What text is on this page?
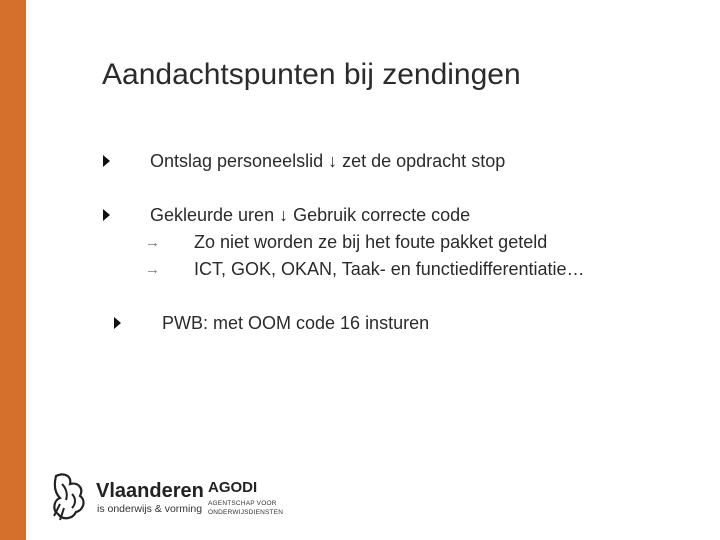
Aandachtspunten bij zendingen
Ontslag personeelslid ↓ zet de opdracht stop
Gekleurde uren ↓ Gebruik correcte code
→ Zo niet worden ze bij het foute pakket geteld
→ ICT, GOK, OKAN, Taak- en functiedifferentiatie…
PWB: met OOM code 16 insturen
Vlaanderen
is onderwijs & vorming
AGODI
AGENTSCHAP VOOR
ONDERWIJSDIENSTEN
